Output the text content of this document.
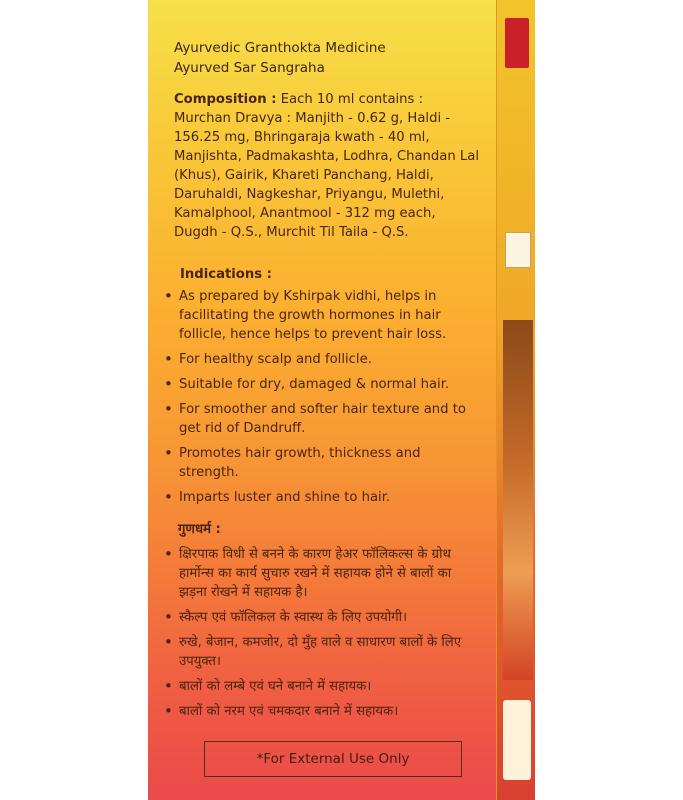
Ayurvedic Granthokta Medicine
Ayurved Sar Sangraha
Composition : Each 10 ml contains : Murchan Dravya : Manjith - 0.62 g, Haldi - 156.25 mg, Bhringaraja kwath - 40 ml, Manjishta, Padmakashta, Lodhra, Chandan Lal (Khus), Gairik, Khareti Panchang, Haldi, Daruhaldi, Nagkeshar, Priyangu, Mulethi, Kamalphool, Anantmool - 312 mg each, Dugdh - Q.S., Murchit Til Taila - Q.S.
Indications :
• As prepared by Kshirpak vidhi, helps in facilitating the growth hormones in hair follicle, hence helps to prevent hair loss.
• For healthy scalp and follicle.
• Suitable for dry, damaged & normal hair.
• For smoother and softer hair texture and to get rid of Dandruff.
• Promotes hair growth, thickness and strength.
• Imparts luster and shine to hair.
गुणधर्म :
• क्षिरपाक विधी से बनने के कारण हेअर फॉलिकल्स के ग्रोथ हार्मोन्स का कार्य सुचारु रखने में सहायक होने से बालों का झड़ना रोखने में सहायक है।
• स्कैल्प एवं फॉलिकल के स्वास्थ के लिए उपयोगी।
• रुखे, बेजान, कमजोर, दो मुँह वाले व साधारण बालों के लिए उपयुक्त।
• बालों को लम्बे एवं घने बनाने में सहायक।
• बालों को नरम एवं चमकदार बनाने में सहायक।
*For External Use Only
